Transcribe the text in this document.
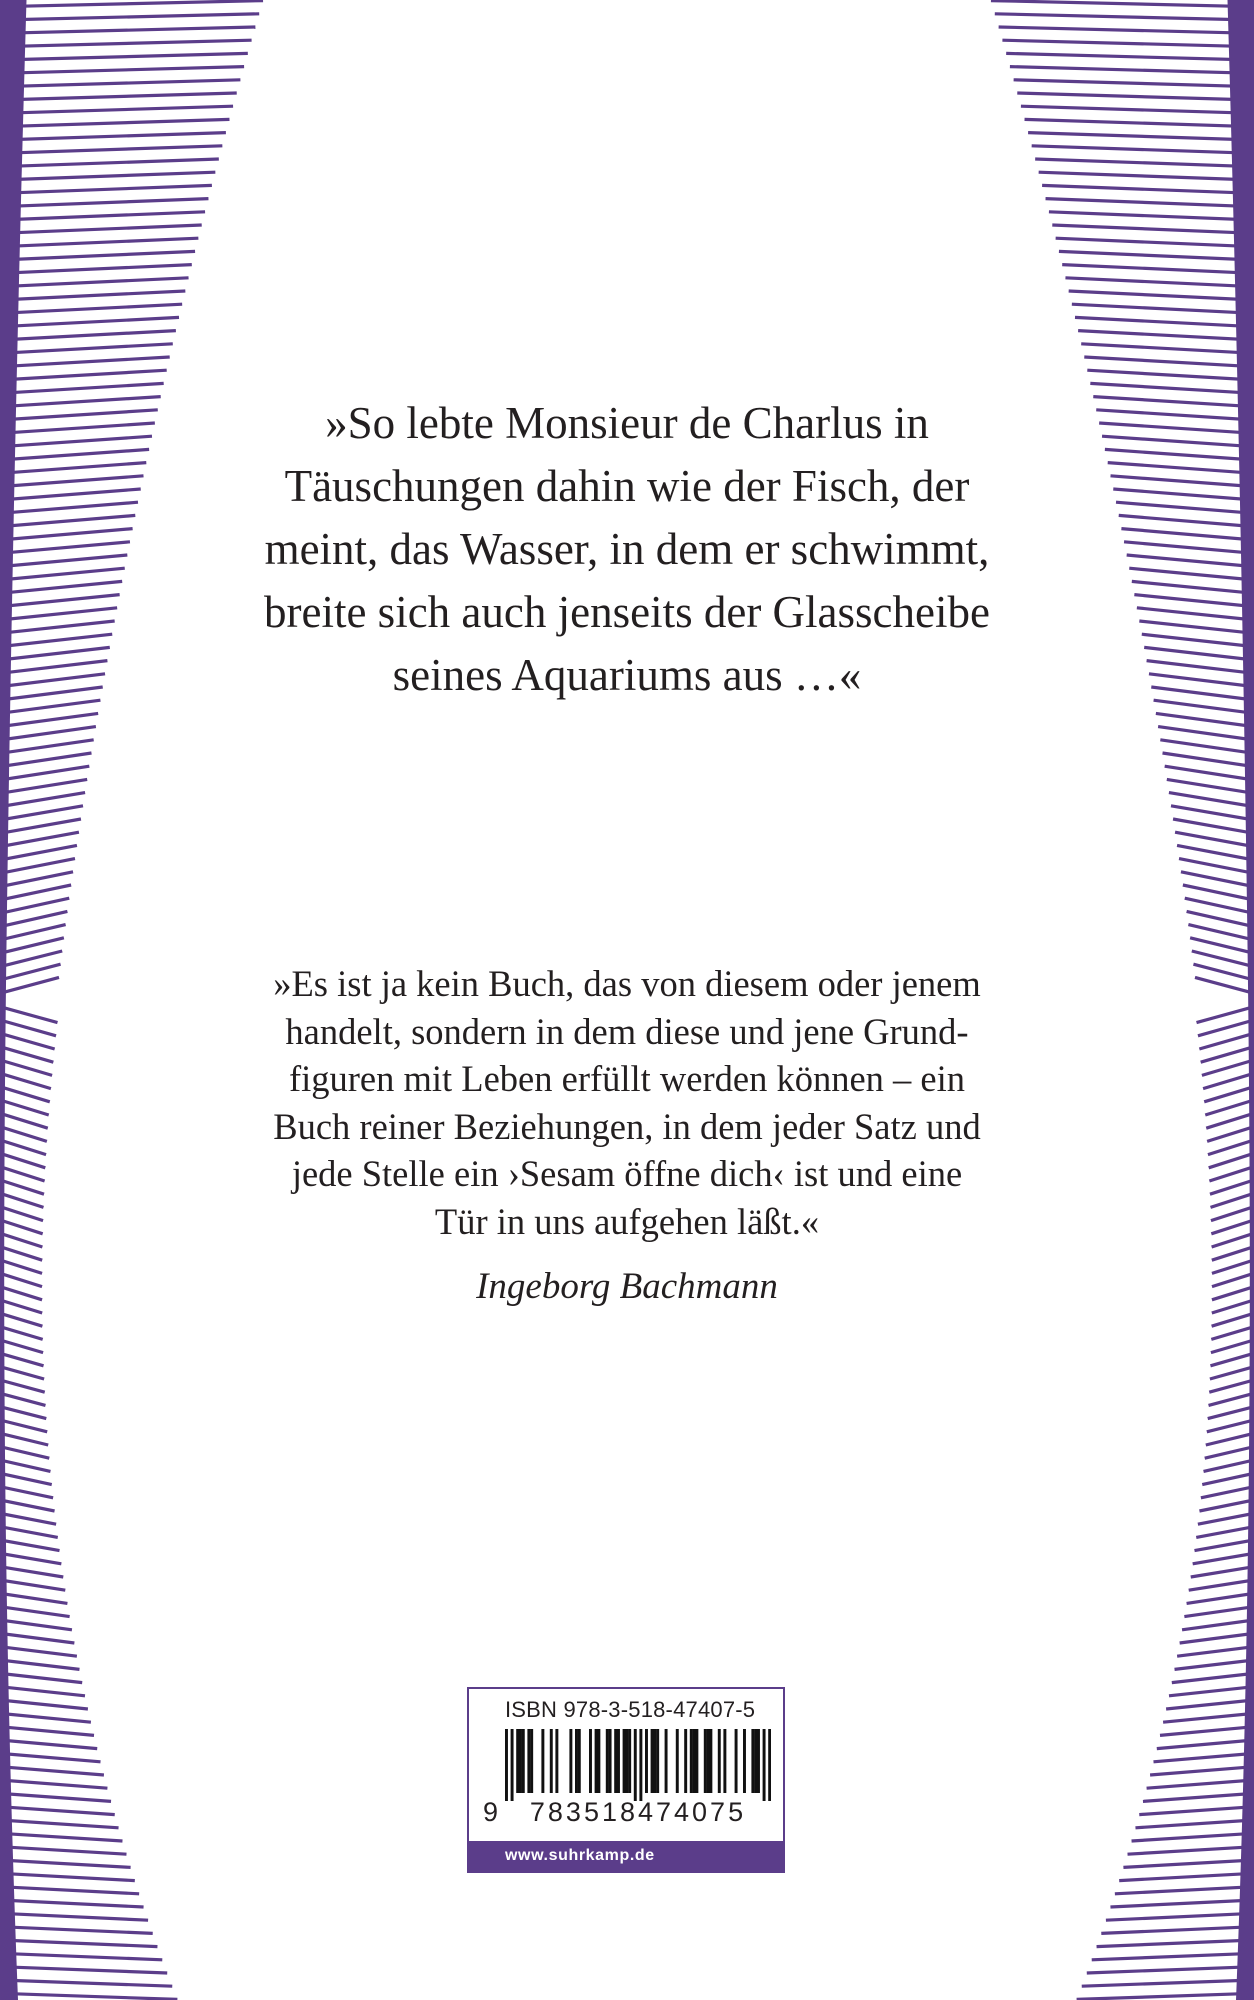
»So lebte Monsieur de Charlus in

Täuschungen dahin wie der Fisch, der

meint, das Wasser, in dem er schwimmt,

breite sich auch jenseits der Glasscheibe

seines Aquariums aus …«

»Es ist ja kein Buch, das von diesem oder jenem

handelt, sondern in dem diese und jene Grund-

figuren mit Leben erfüllt werden können – ein

Buch reiner Beziehungen, in dem jeder Satz und

jede Stelle ein ›Sesam öffne dich‹ ist und eine

Tür in uns aufgehen läßt.«

Ingeborg Bachmann
ISBN 978-3-518-47407-5
9	783518474075
www.suhrkamp.de
